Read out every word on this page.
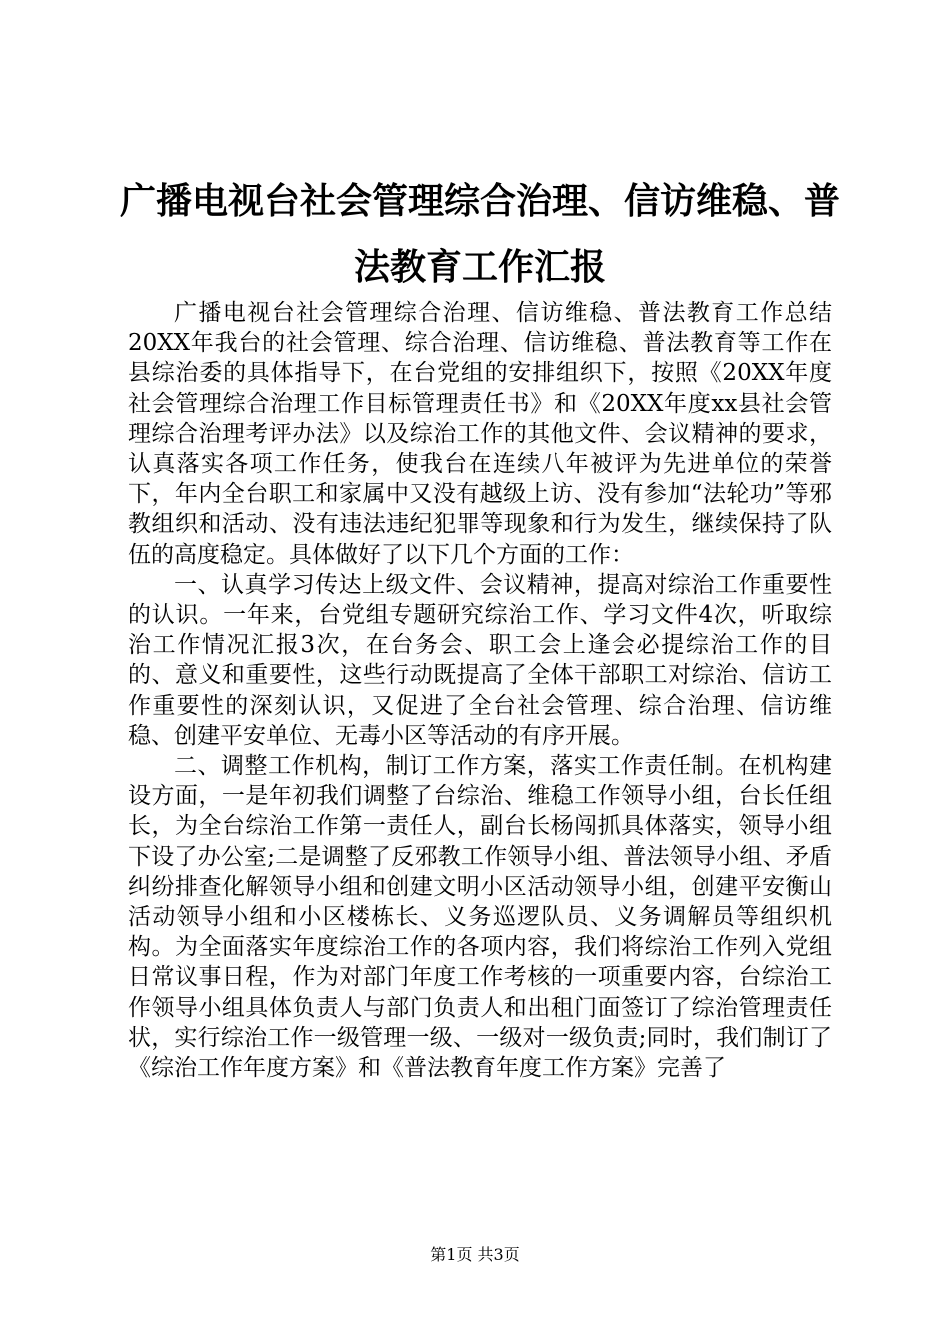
广播电视台社会管理综合治理、信访维稳、普法教育工作汇报

广播电视台社会管理综合治理、信访维稳、普法教育工作总结20XX年我台的社会管理、综合治理、信访维稳、普法教育等工作在县综治委的具体指导下，在台党组的安排组织下，按照《20XX年度社会管理综合治理工作目标管理责任书》和《20XX年度xx县社会管理综合治理考评办法》以及综治工作的其他文件、会议精神的要求，认真落实各项工作任务，使我台在连续八年被评为先进单位的荣誉下，年内全台职工和家属中又没有越级上访、没有参加“法轮功”等邪教组织和活动、没有违法违纪犯罪等现象和行为发生，继续保持了队伍的高度稳定。具体做好了以下几个方面的工作：

一、认真学习传达上级文件、会议精神，提高对综治工作重要性的认识。一年来，台党组专题研究综治工作、学习文件4次，听取综治工作情况汇报3次，在台务会、职工会上逢会必提综治工作的目的、意义和重要性，这些行动既提高了全体干部职工对综治、信访工作重要性的深刻认识，又促进了全台社会管理、综合治理、信访维稳、创建平安单位、无毒小区等活动的有序开展。

二、调整工作机构，制订工作方案，落实工作责任制。在机构建设方面，一是年初我们调整了台综治、维稳工作领导小组，台长任组长，为全台综治工作第一责任人，副台长杨闯抓具体落实，领导小组下设了办公室;二是调整了反邪教工作领导小组、普法领导小组、矛盾纠纷排查化解领导小组和创建文明小区活动领导小组，创建平安衡山活动领导小组和小区楼栋长、义务巡逻队员、义务调解员等组织机构。为全面落实年度综治工作的各项内容，我们将综治工作列入党组日常议事日程，作为对部门年度工作考核的一项重要内容，台综治工作领导小组具体负责人与部门负责人和出租门面签订了综治管理责任状，实行综治工作一级管理一级、一级对一级负责;同时，我们制订了《综治工作年度方案》和《普法教育年度工作方案》完善了

第1页 共3页
